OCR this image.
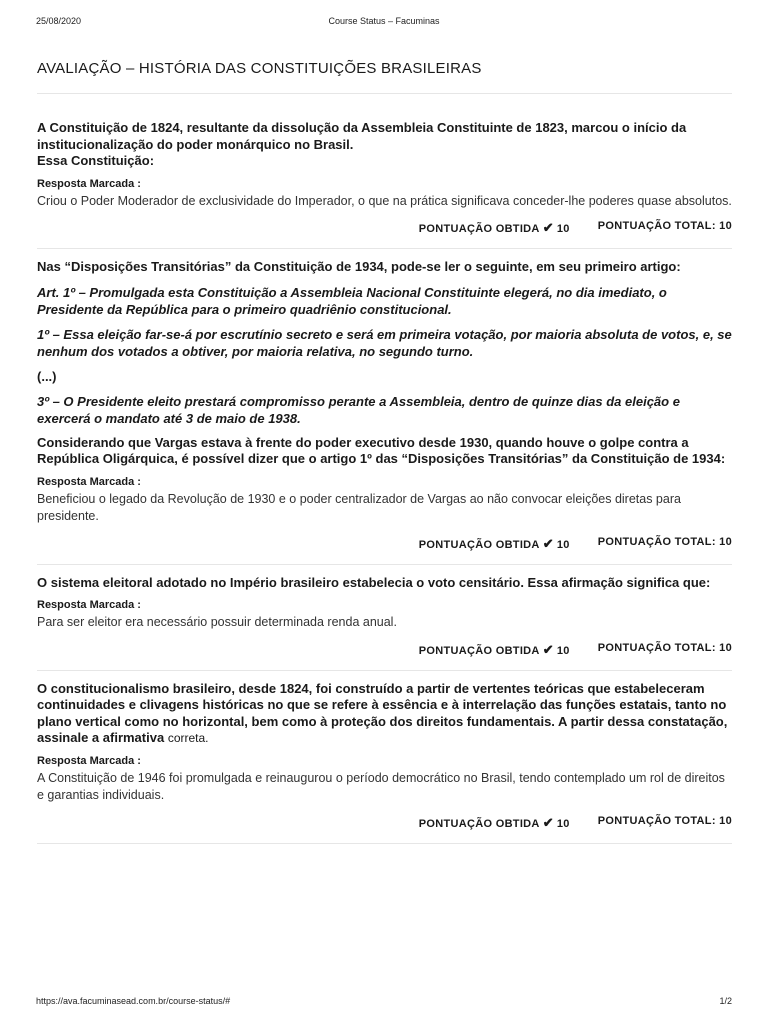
25/08/2020	Course Status – Facuminas
AVALIAÇÃO – HISTÓRIA DAS CONSTITUIÇÕES BRASILEIRAS

A Constituição de 1824, resultante da dissolução da Assembleia Constituinte de 1823, marcou o início da institucionalização do poder monárquico no Brasil.
Essa Constituição:

Resposta Marcada :

Criou o Poder Moderador de exclusividade do Imperador, o que na prática significava conceder-lhe poderes quase absolutos.

PONTUAÇÃO OBTIDA ✔ 10	PONTUAÇÃO TOTAL: 10

Nas “Disposições Transitórias” da Constituição de 1934, pode-se ler o seguinte, em seu primeiro artigo:

Art. 1º – Promulgada esta Constituição a Assembleia Nacional Constituinte elegerá, no dia imediato, o Presidente da República para o primeiro quadriênio constitucional.

1º – Essa eleição far-se-á por escrutínio secreto e será em primeira votação, por maioria absoluta de votos, e, se nenhum dos votados a obtiver, por maioria relativa, no segundo turno.

(...)

3º – O Presidente eleito prestará compromisso perante a Assembleia, dentro de quinze dias da eleição e exercerá o mandato até 3 de maio de 1938.

Considerando que Vargas estava à frente do poder executivo desde 1930, quando houve o golpe contra a República Oligárquica, é possível dizer que o artigo 1º das “Disposições Transitórias” da Constituição de 1934:

Resposta Marcada :

Beneficiou o legado da Revolução de 1930 e o poder centralizador de Vargas ao não convocar eleições diretas para presidente.

PONTUAÇÃO OBTIDA ✔ 10	PONTUAÇÃO TOTAL: 10

O sistema eleitoral adotado no Império brasileiro estabelecia o voto censitário. Essa afirmação significa que:

Resposta Marcada :

Para ser eleitor era necessário possuir determinada renda anual.

PONTUAÇÃO OBTIDA ✔ 10	PONTUAÇÃO TOTAL: 10

O constitucionalismo brasileiro, desde 1824, foi construído a partir de vertentes teóricas que estabeleceram continuidades e clivagens históricas no que se refere à essência e à interrelação das funções estatais, tanto no plano vertical como no horizontal, bem como à proteção dos direitos fundamentais. A partir dessa constatação, assinale a afirmativa correta.

Resposta Marcada :

A Constituição de 1946 foi promulgada e reinaugurou o período democrático no Brasil, tendo contemplado um rol de direitos e garantias individuais.

PONTUAÇÃO OBTIDA ✔ 10	PONTUAÇÃO TOTAL: 10
https://ava.facuminasead.com.br/course-status/#	1/2
